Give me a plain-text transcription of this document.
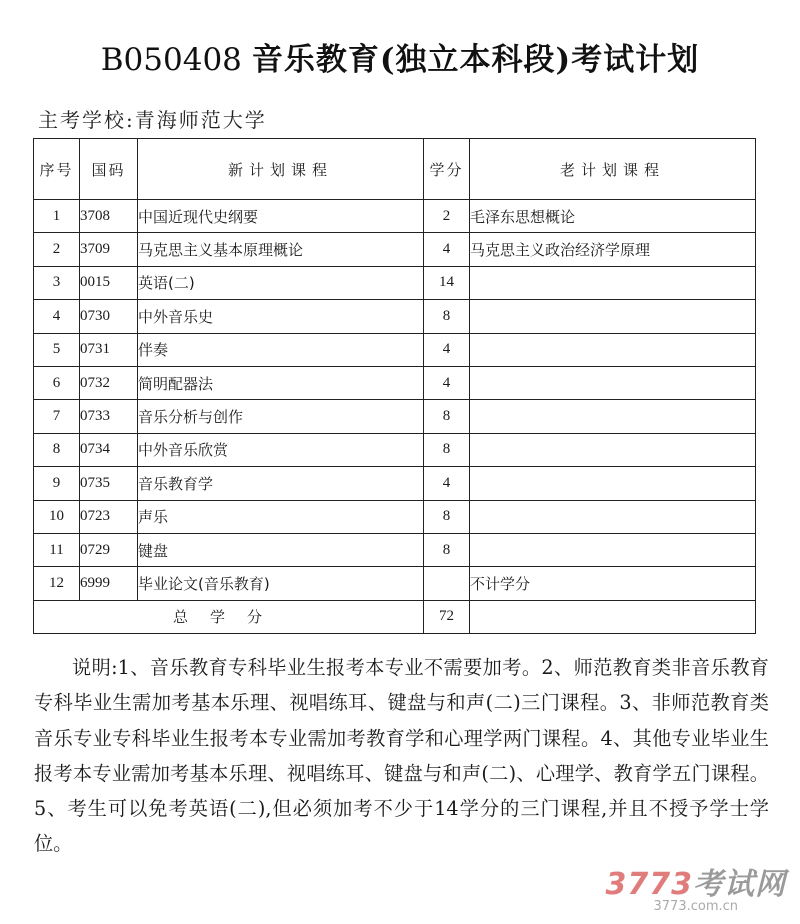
B050408 音乐教育(独立本科段)考试计划
主考学校:青海师范大学
序号	国码	新计划课程	学分	老计划课程
1	3708	中国近现代史纲要	2	毛泽东思想概论
2	3709	马克思主义基本原理概论	4	马克思主义政治经济学原理
3	0015	英语(二)	14	
4	0730	中外音乐史	8	
5	0731	伴奏	4	
6	0732	简明配器法	4	
7	0733	音乐分析与创作	8	
8	0734	中外音乐欣赏	8	
9	0735	音乐教育学	4	
10	0723	声乐	8	
11	0729	键盘	8	
12	6999	毕业论文(音乐教育)		不计学分
总学分			72	
说明:1、音乐教育专科毕业生报考本专业不需要加考。2、师范教育类非音乐教育专科毕业生需加考基本乐理、视唱练耳、键盘与和声(二)三门课程。3、非师范教育类音乐专业专科毕业生报考本专业需加考教育学和心理学两门课程。4、其他专业毕业生报考本专业需加考基本乐理、视唱练耳、键盘与和声(二)、心理学、教育学五门课程。5、考生可以免考英语(二),但必须加考不少于14学分的三门课程,并且不授予学士学位。
3773考试网
3773.com.cn
